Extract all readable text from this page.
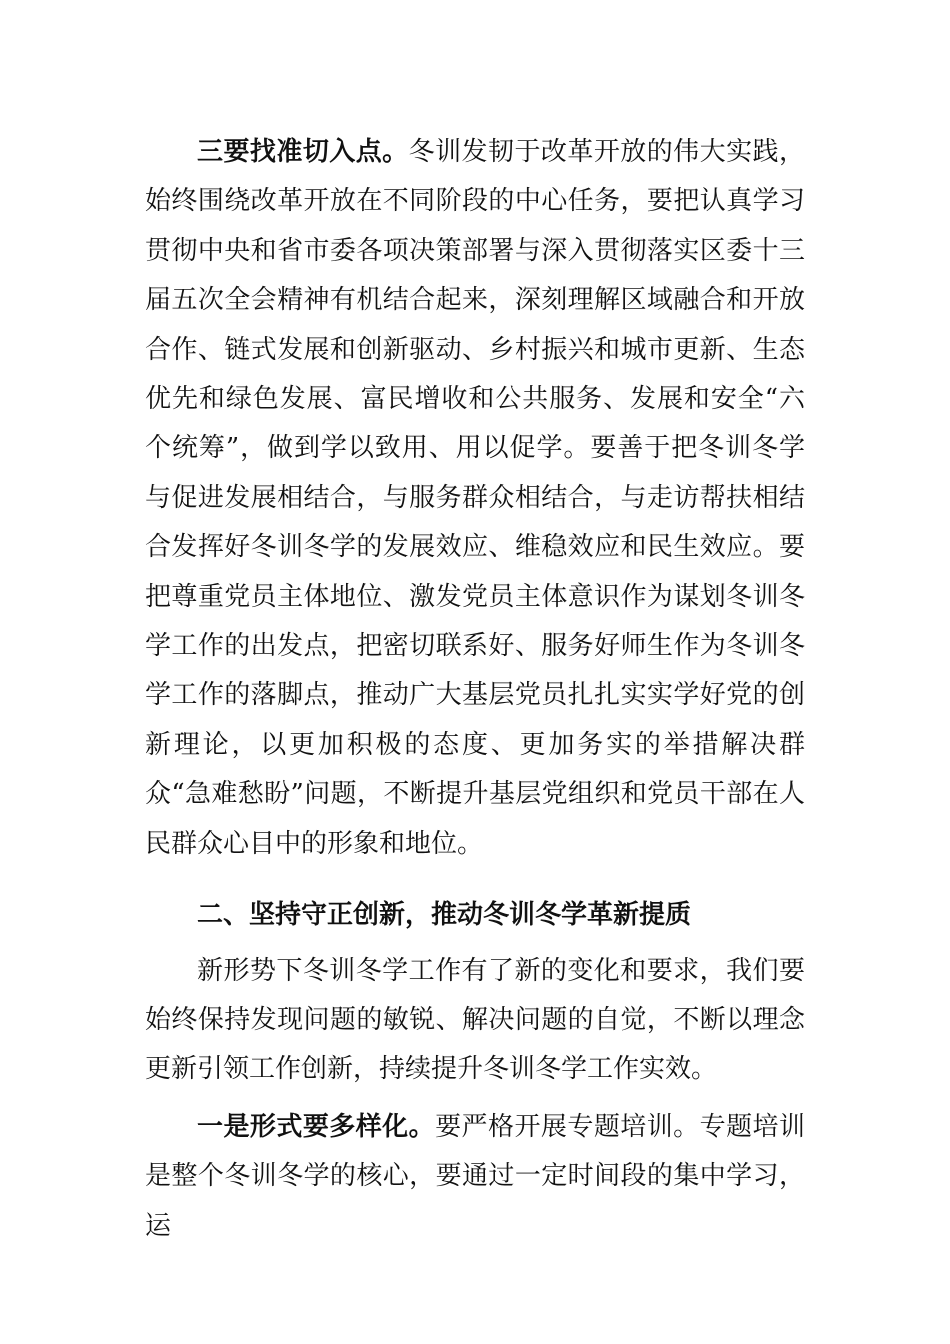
三要找准切入点。冬训发韧于改革开放的伟大实践，始终围绕改革开放在不同阶段的中心任务，要把认真学习贯彻中央和省市委各项决策部署与深入贯彻落实区委十三届五次全会精神有机结合起来，深刻理解区域融合和开放合作、链式发展和创新驱动、乡村振兴和城市更新、生态优先和绿色发展、富民增收和公共服务、发展和安全“六个统筹”，做到学以致用、用以促学。要善于把冬训冬学与促进发展相结合，与服务群众相结合，与走访帮扶相结合发挥好冬训冬学的发展效应、维稳效应和民生效应。要把尊重党员主体地位、激发党员主体意识作为谋划冬训冬学工作的出发点，把密切联系好、服务好师生作为冬训冬学工作的落脚点，推动广大基层党员扎扎实实学好党的创新理论，以更加积极的态度、更加务实的举措解决群众“急难愁盼”问题，不断提升基层党组织和党员干部在人民群众心目中的形象和地位。

二、坚持守正创新，推动冬训冬学革新提质

新形势下冬训冬学工作有了新的变化和要求，我们要始终保持发现问题的敏锐、解决问题的自觉，不断以理念更新引领工作创新，持续提升冬训冬学工作实效。

一是形式要多样化。要严格开展专题培训。专题培训是整个冬训冬学的核心，要通过一定时间段的集中学习，运
